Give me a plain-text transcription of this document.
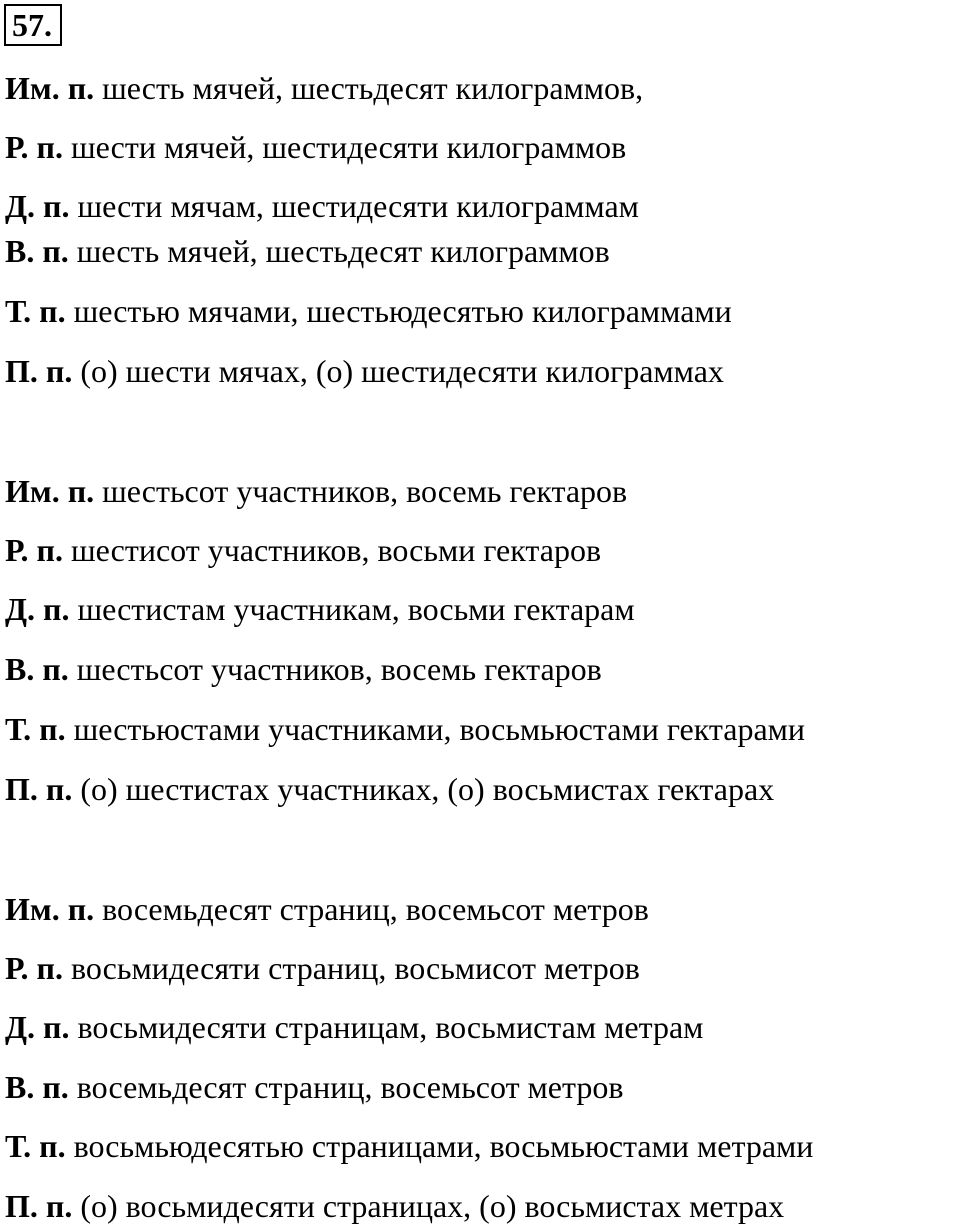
57.
Им. п. шесть мячей, шестьдесят килограммов,
Р. п. шести мячей, шестидесяти килограммов
Д. п. шести мячам, шестидесяти килограммам
В. п. шесть мячей, шестьдесят килограммов
Т. п. шестью мячами, шестьюдесятью килограммами
П. п. (о) шести мячах, (о) шестидесяти килограммах
Им. п. шестьсот участников, восемь гектаров
Р. п. шестисот участников, восьми гектаров
Д. п. шестистам участникам, восьми гектарам
В. п. шестьсот участников, восемь гектаров
Т. п. шестьюстами участниками, восьмьюстами гектарами
П. п. (о) шестистах участниках, (о) восьмистах гектарах
Им. п. восемьдесят страниц, восемьсот метров
Р. п. восьмидесяти страниц, восьмисот метров
Д. п. восьмидесяти страницам, восьмистам метрам
В. п. восемьдесят страниц, восемьсот метров
Т. п. восьмьюдесятью страницами, восьмьюстами метрами
П. п. (о) восьмидесяти страницах, (о) восьмистах метрах
